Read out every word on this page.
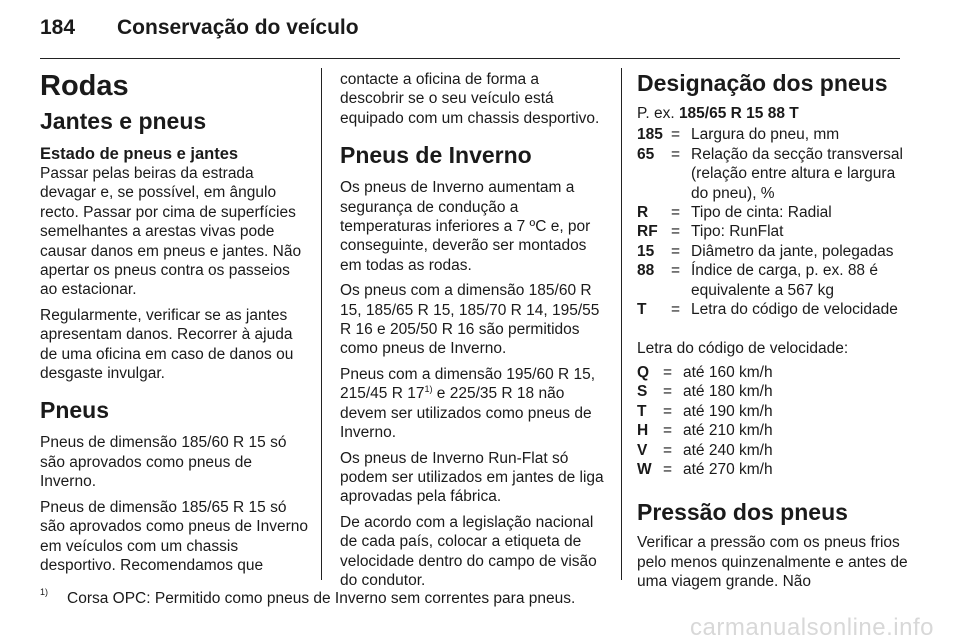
184 Conservação do veículo
Rodas
Jantes e pneus
Estado de pneus e jantes

Passar pelas beiras da estrada devagar e, se possível, em ângulo recto. Passar por cima de superfícies semelhantes a arestas vivas pode causar danos em pneus e jantes. Não apertar os pneus contra os passeios ao estacionar.

Regularmente, verificar se as jantes apresentam danos. Recorrer à ajuda de uma oficina em caso de danos ou desgaste invulgar.

Pneus

Pneus de dimensão 185/60 R 15 só são aprovados como pneus de Inverno.

Pneus de dimensão 185/65 R 15 só são aprovados como pneus de Inverno em veículos com um chassis desportivo. Recomendamos que

contacte a oficina de forma a descobrir se o seu veículo está equipado com um chassis desportivo.

Pneus de Inverno

Os pneus de Inverno aumentam a segurança de condução a temperaturas inferiores a 7 ºC e, por conseguinte, deverão ser montados em todas as rodas.

Os pneus com a dimensão 185/60 R 15, 185/65 R 15, 185/70 R 14, 195/55 R 16 e 205/50 R 16 são permitidos como pneus de Inverno.

Pneus com a dimensão 195/60 R 15, 215/45 R 17$^{1)}$ e 225/35 R 18 não devem ser utilizados como pneus de Inverno.

Os pneus de Inverno Run-Flat só podem ser utilizados em jantes de liga aprovadas pela fábrica.

De acordo com a legislação nacional de cada país, colocar a etiqueta de velocidade dentro do campo de visão do condutor.

Designação dos pneus

P. ex. 185/65 R 15 88 T

185	=	Largura do pneu, mm
65	=	Relação da secção transversal (relação entre altura e largura do pneu), %
R	=	Tipo de cinta: Radial
RF	=	Tipo: RunFlat
15	=	Diâmetro da jante, polegadas
88	=	Índice de carga, p. ex. 88 é equivalente a 567 kg
T	=	Letra do código de velocidade

Letra do código de velocidade:

Q	=	até 160 km/h
S	=	até 180 km/h
T	=	até 190 km/h
H	=	até 210 km/h
V	=	até 240 km/h
W	=	até 270 km/h
Pressão dos pneus

Verificar a pressão com os pneus frios pelo menos quinzenalmente e antes de uma viagem grande. Não

1) Corsa OPC: Permitido como pneus de Inverno sem correntes para pneus.
carmanualsonline.info
